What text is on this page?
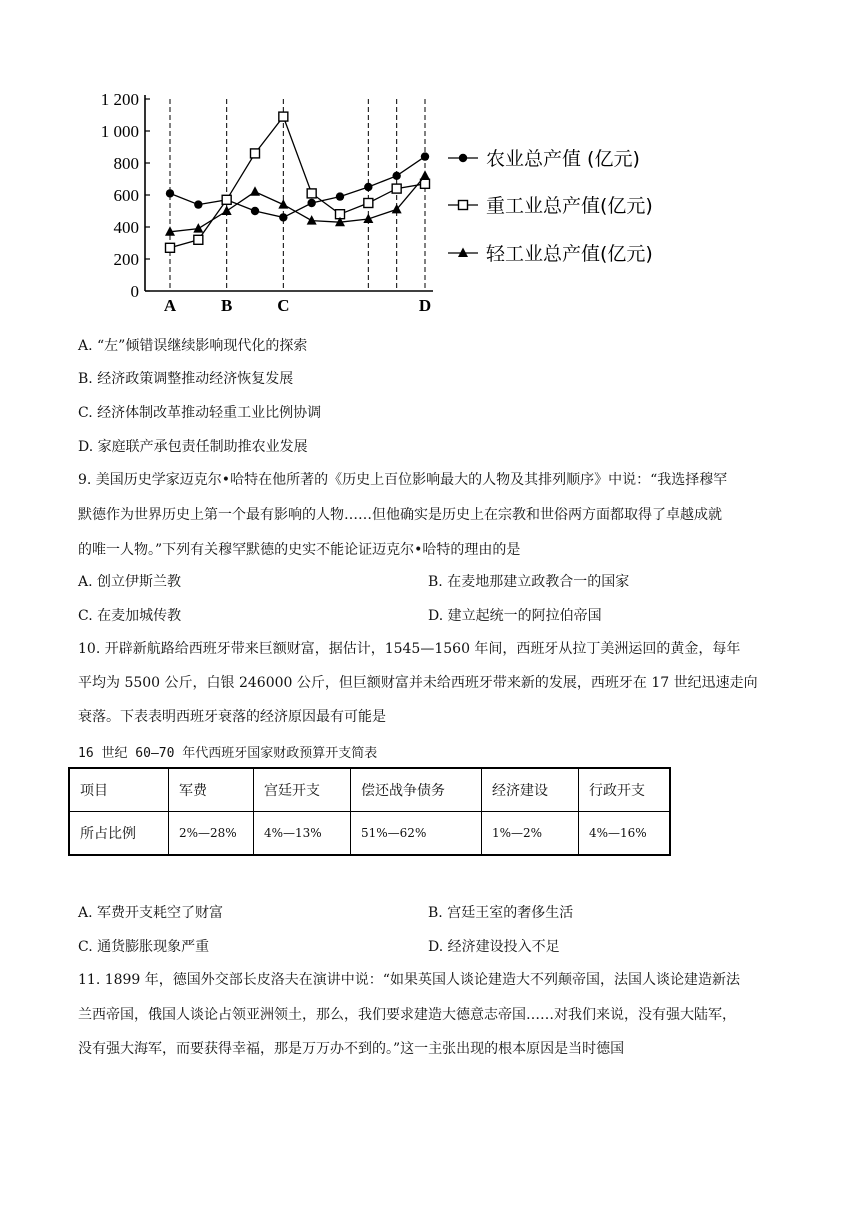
0
200
400
600
800
1 000
1 200
A	B	C	D
农业总产值 (亿元)
重工业总产值(亿元)
轻工业总产值(亿元)
A. “左”倾错误继续影响现代化的探索
B. 经济政策调整推动经济恢复发展
C. 经济体制改革推动轻重工业比例协调
D. 家庭联产承包责任制助推农业发展
9. 美国历史学家迈克尔•哈特在他所著的《历史上百位影响最大的人物及其排列顺序》中说：“我选择穆罕
默德作为世界历史上第一个最有影响的人物……但他确实是历史上在宗教和世俗两方面都取得了卓越成就
的唯一人物。”下列有关穆罕默德的史实不能论证迈克尔•哈特的理由的是
A. 创立伊斯兰教	B. 在麦地那建立政教合一的国家
C. 在麦加城传教	D. 建立起统一的阿拉伯帝国
10. 开辟新航路给西班牙带来巨额财富，据估计，1545—1560 年间，西班牙从拉丁美洲运回的黄金，每年
平均为 5500 公斤，白银 246000 公斤，但巨额财富并未给西班牙带来新的发展，西班牙在 17 世纪迅速走向
衰落。下表表明西班牙衰落的经济原因最有可能是
16 世纪 60—70 年代西班牙国家财政预算开支简表
项目	军费	宫廷开支	偿还战争债务	经济建设	行政开支
所占比例	2%—28%	4%—13%	51%—62%	1%—2%	4%—16%
A. 军费开支耗空了财富	B. 宫廷王室的奢侈生活
C. 通货膨胀现象严重	D. 经济建设投入不足
11. 1899 年，德国外交部长皮洛夫在演讲中说：“如果英国人谈论建造大不列颠帝国，法国人谈论建造新法
兰西帝国，俄国人谈论占领亚洲领土，那么，我们要求建造大德意志帝国……对我们来说，没有强大陆军，
没有强大海军，而要获得幸福，那是万万办不到的。”这一主张出现的根本原因是当时德国
